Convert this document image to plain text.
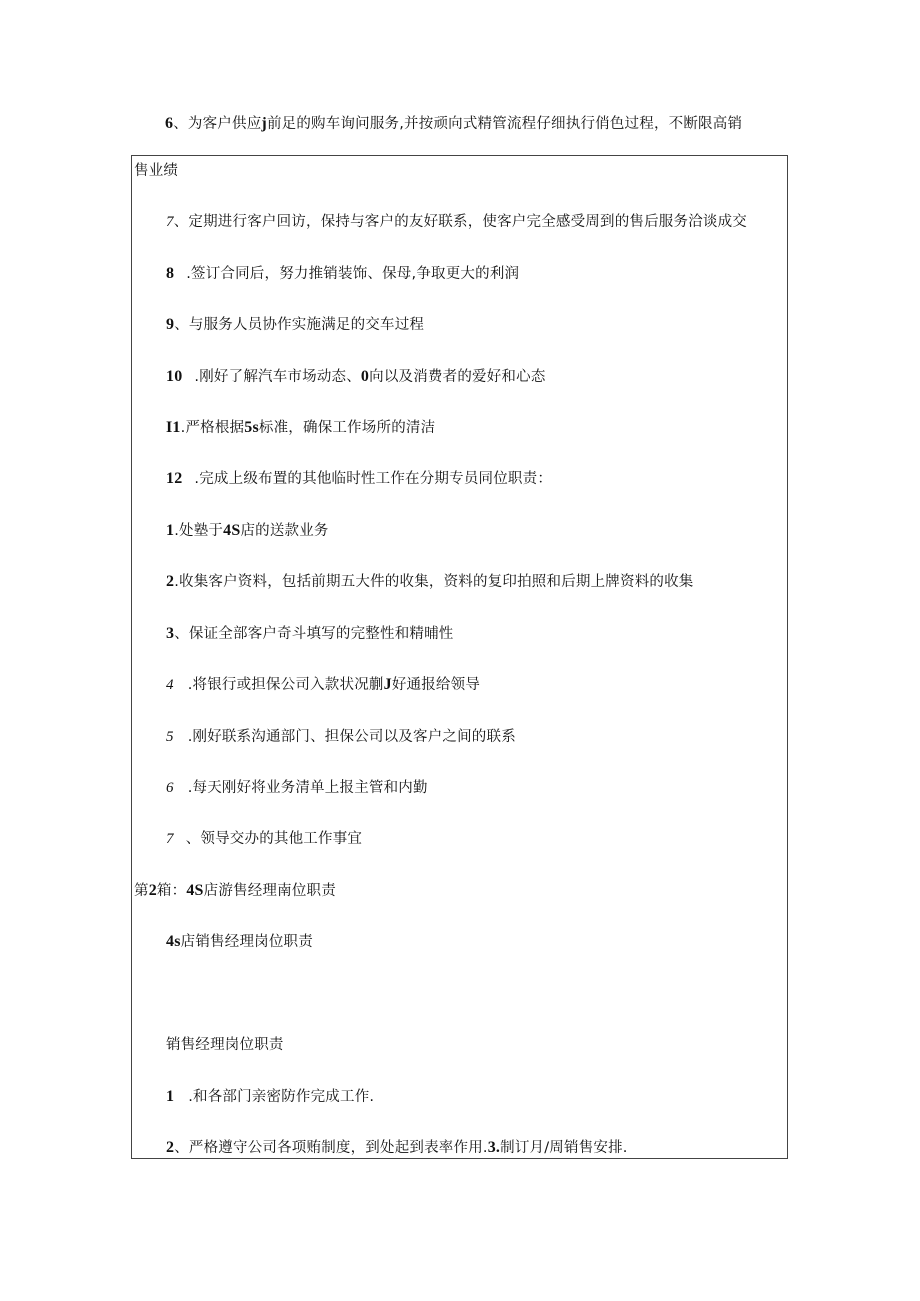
6、为客户供应j前足的购车询问服务,并按顽向式精管流程仔细执行俏色过程，不断限高销
售业绩
7、定期进行客户回访，保持与客户的友好联系，使客户完全感受周到的售后服务洽谈成交
8 .签订合同后，努力推销装饰、保母,争取更大的利润
9、与服务人员协作实施满足的交车过程
10 .刚好了解汽车市场动态、0向以及消费者的爱好和心态
I1.严格根据5s标准，确保工作场所的清洁
12 .完成上级布置的其他临时性工作在分期专员同位职责：
1.处塾于4S店的送款业务
2.收集客户资料，包括前期五大件的收集，资料的复印拍照和后期上牌资料的收集
3、保证全部客户奇斗填写的完整性和精晡性
4 .将银行或担保公司入款状况蒯J好通报给领导
5 .刚好联系沟通部门、担保公司以及客户之间的联系
6 .每天刚好将业务清单上报主管和内勤
7 、领导交办的其他工作事宜
第2箱：4S店游售经理南位职责
4s店销售经理岗位职责
销售经理岗位职责
1 .和各部门亲密防作完成工作.
2、严格遵守公司各项贿制度，到处起到表率作用.3.制订月/周销售安排.
